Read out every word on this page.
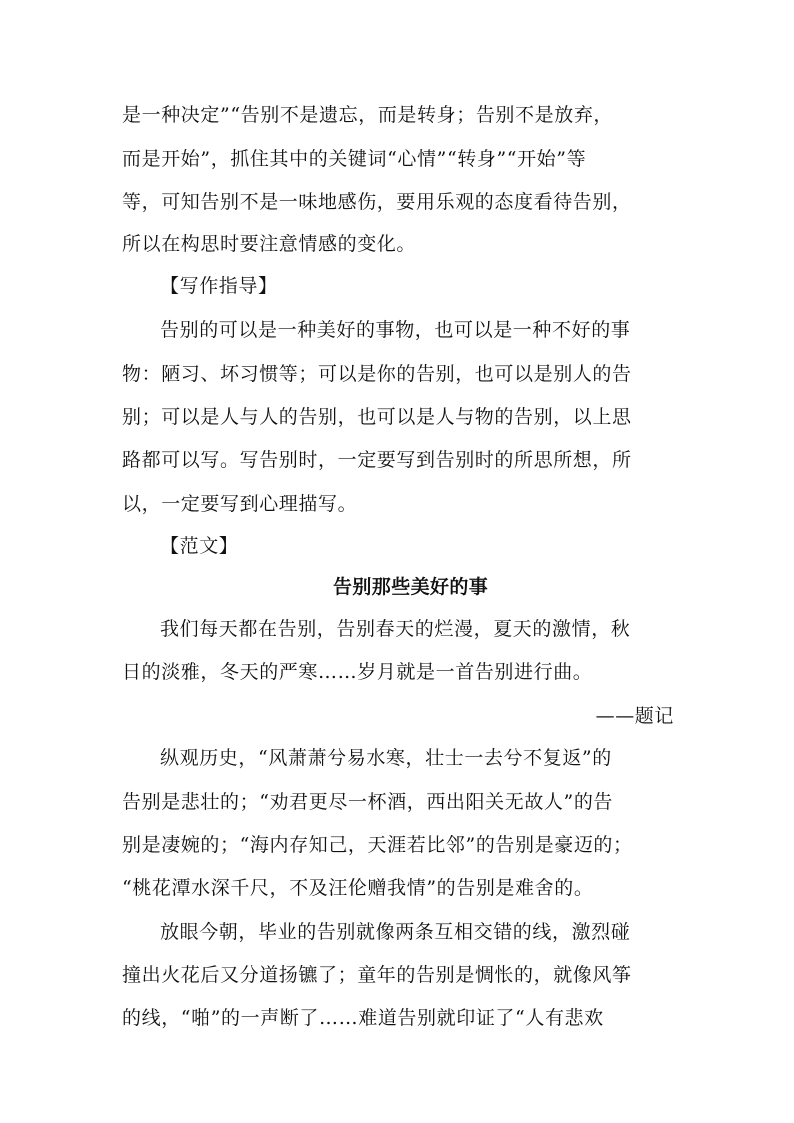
是一种决定”“告别不是遗忘，而是转身；告别不是放弃，
而是开始”，抓住其中的关键词“心情”“转身”“开始”等
等，可知告别不是一味地感伤，要用乐观的态度看待告别，
所以在构思时要注意情感的变化。
【写作指导】
告别的可以是一种美好的事物，也可以是一种不好的事
物：陋习、坏习惯等；可以是你的告别，也可以是别人的告
别；可以是人与人的告别，也可以是人与物的告别，以上思
路都可以写。写告别时，一定要写到告别时的所思所想，所
以，一定要写到心理描写。
【范文】
告别那些美好的事
我们每天都在告别，告别春天的烂漫，夏天的激情，秋
日的淡雅，冬天的严寒……岁月就是一首告别进行曲。
——题记
纵观历史，“风萧萧兮易水寒，壮士一去兮不复返”的
告别是悲壮的；“劝君更尽一杯酒，西出阳关无故人”的告
别是凄婉的；“海内存知己，天涯若比邻”的告别是豪迈的；
“桃花潭水深千尺，不及汪伦赠我情”的告别是难舍的。
放眼今朝，毕业的告别就像两条互相交错的线，激烈碰
撞出火花后又分道扬镳了；童年的告别是惆怅的，就像风筝
的线，“啪”的一声断了……难道告别就印证了“人有悲欢
